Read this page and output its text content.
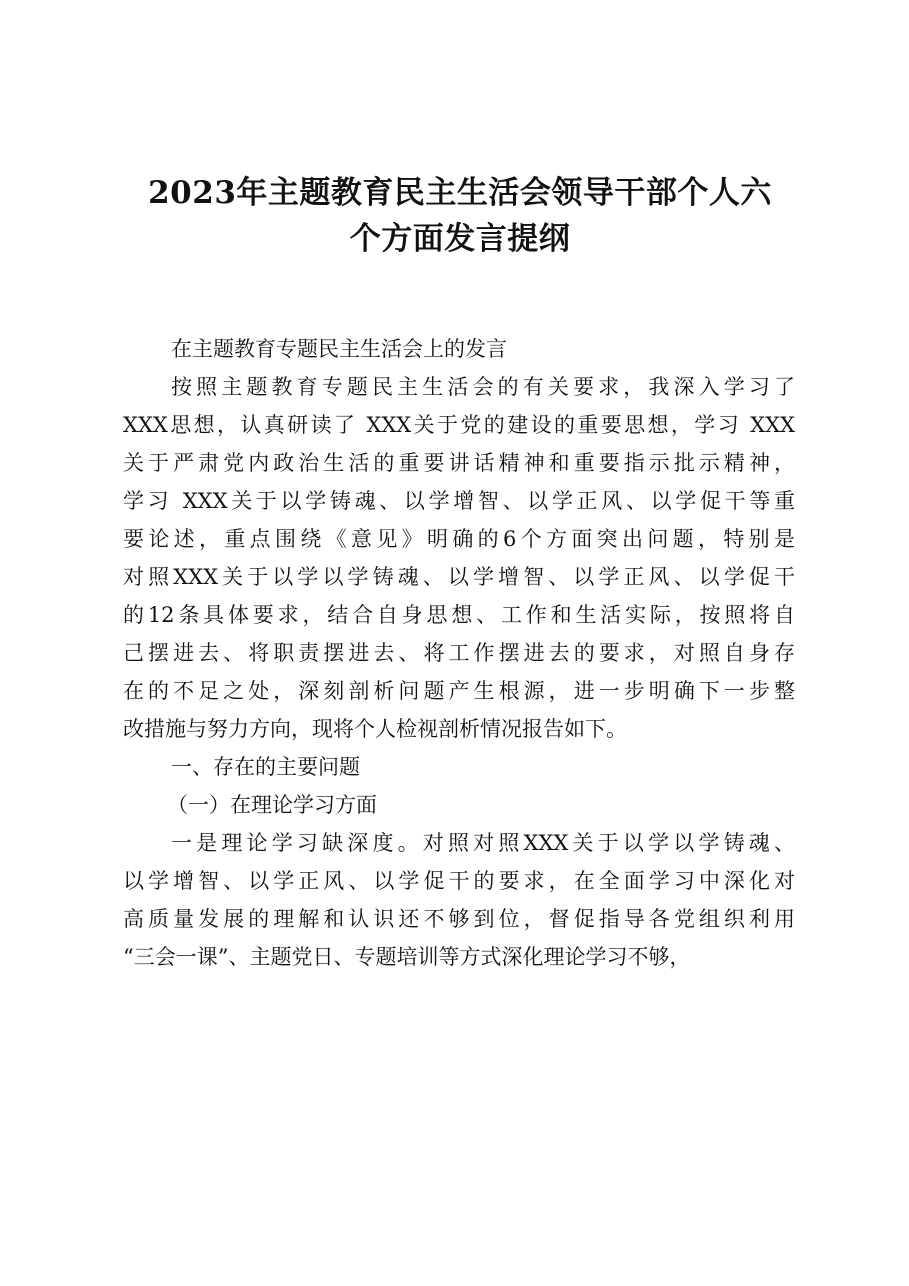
2023年主题教育民主生活会领导干部个人六
个方面发言提纲
在主题教育专题民主生活会上的发言
按照主题教育专题民主生活会的有关要求，我深入学习了
XXX思想，认真研读了 XXX关于党的建设的重要思想，学习 XXX
关于严肃党内政治生活的重要讲话精神和重要指示批示精神，
学习 XXX关于以学铸魂、以学增智、以学正风、以学促干等重
要论述，重点围绕《意见》明确的6个方面突出问题，特别是
对照XXX关于以学以学铸魂、以学增智、以学正风、以学促干
的12条具体要求，结合自身思想、工作和生活实际，按照将自
己摆进去、将职责摆进去、将工作摆进去的要求，对照自身存
在的不足之处，深刻剖析问题产生根源，进一步明确下一步整
改措施与努力方向，现将个人检视剖析情况报告如下。
一、存在的主要问题
（一）在理论学习方面
一是理论学习缺深度。对照对照XXX关于以学以学铸魂、
以学增智、以学正风、以学促干的要求，在全面学习中深化对
高质量发展的理解和认识还不够到位，督促指导各党组织利用
“三会一课”、主题党日、专题培训等方式深化理论学习不够，
